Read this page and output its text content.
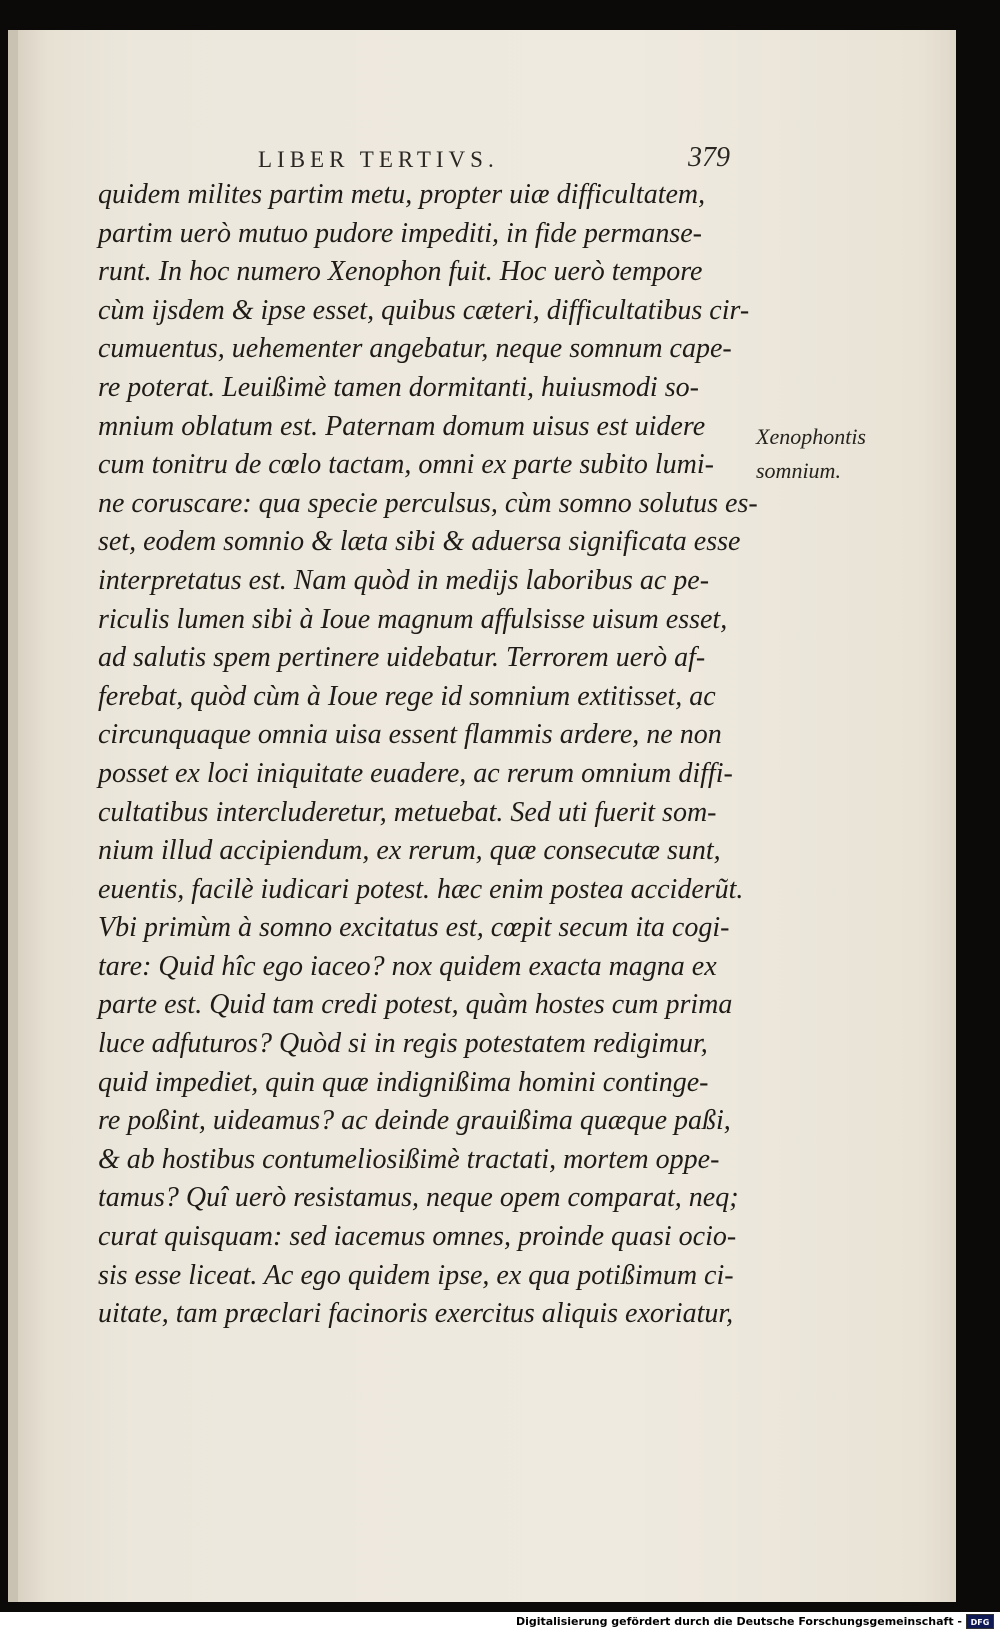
LIBER TERTIVS.	379
quidem milites partim metu, propter uiæ difficultatem,
partim uerò mutuo pudore impediti, in fide permanse-
runt. In hoc numero Xenophon fuit. Hoc uerò tempore
cùm ijsdem & ipse esset, quibus cæteri, difficultatibus cir-
cumuentus, uehementer angebatur, neque somnum cape-
re poterat. Leuißimè tamen dormitanti, huiusmodi so-
mnium oblatum est. Paternam domum uisus est uidere
cum tonitru de cœlo tactam, omni ex parte subito lumi-
ne coruscare: qua specie perculsus, cùm somno solutus es-
set, eodem somnio & læta sibi & aduersa significata esse
interpretatus est. Nam quòd in medijs laboribus ac pe-
riculis lumen sibi à Ioue magnum affulsisse uisum esset,
ad salutis spem pertinere uidebatur. Terrorem uerò af-
ferebat, quòd cùm à Ioue rege id somnium extitisset, ac
circunquaque omnia uisa essent flammis ardere, ne non
posset ex loci iniquitate euadere, ac rerum omnium diffi-
cultatibus intercluderetur, metuebat. Sed uti fuerit som-
nium illud accipiendum, ex rerum, quæ consecutæ sunt,
euentis, facilè iudicari potest. hæc enim postea acciderũt.
Vbi primùm à somno excitatus est, cœpit secum ita cogi-
tare: Quid hîc ego iaceo? nox quidem exacta magna ex
parte est. Quid tam credi potest, quàm hostes cum prima
luce adfuturos? Quòd si in regis potestatem redigimur,
quid impediet, quin quæ indignißima homini continge-
re poßint, uideamus? ac deinde grauißima quæque paßi,
& ab hostibus contumeliosißimè tractati, mortem oppe-
tamus? Quî uerò resistamus, neque opem comparat, neq;
curat quisquam: sed iacemus omnes, proinde quasi ocio-
sis esse liceat. Ac ego quidem ipse, ex qua potißimum ci-
uitate, tam præclari facinoris exercitus aliquis exoriatur,
Xenophontis
somnium.
Digitalisierung gefördert durch die Deutsche Forschungsgemeinschaft -	DFG
